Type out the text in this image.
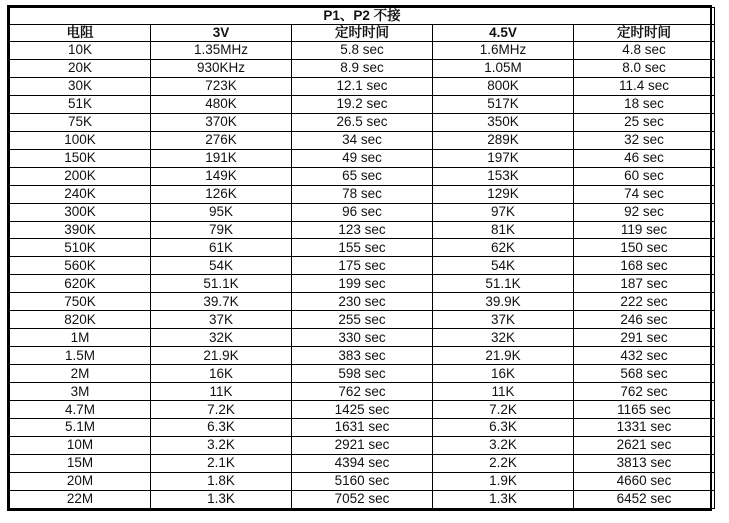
P1、P2 不接				
电阻	3V	定时时间	4.5V	定时时间
10K	1.35MHz	5.8 sec	1.6MHz	4.8 sec
20K	930KHz	8.9 sec	1.05M	8.0 sec
30K	723K	12.1 sec	800K	11.4 sec
51K	480K	19.2 sec	517K	18 sec
75K	370K	26.5 sec	350K	25 sec
100K	276K	34 sec	289K	32 sec
150K	191K	49 sec	197K	46 sec
200K	149K	65 sec	153K	60 sec
240K	126K	78 sec	129K	74 sec
300K	95K	96 sec	97K	92 sec
390K	79K	123 sec	81K	119 sec
510K	61K	155 sec	62K	150 sec
560K	54K	175 sec	54K	168 sec
620K	51.1K	199 sec	51.1K	187 sec
750K	39.7K	230 sec	39.9K	222 sec
820K	37K	255 sec	37K	246 sec
1M	32K	330 sec	32K	291 sec
1.5M	21.9K	383 sec	21.9K	432 sec
2M	16K	598 sec	16K	568 sec
3M	11K	762 sec	11K	762 sec
4.7M	7.2K	1425 sec	7.2K	1165 sec
5.1M	6.3K	1631 sec	6.3K	1331 sec
10M	3.2K	2921 sec	3.2K	2621 sec
15M	2.1K	4394 sec	2.2K	3813 sec
20M	1.8K	5160 sec	1.9K	4660 sec
22M	1.3K	7052 sec	1.3K	6452 sec
